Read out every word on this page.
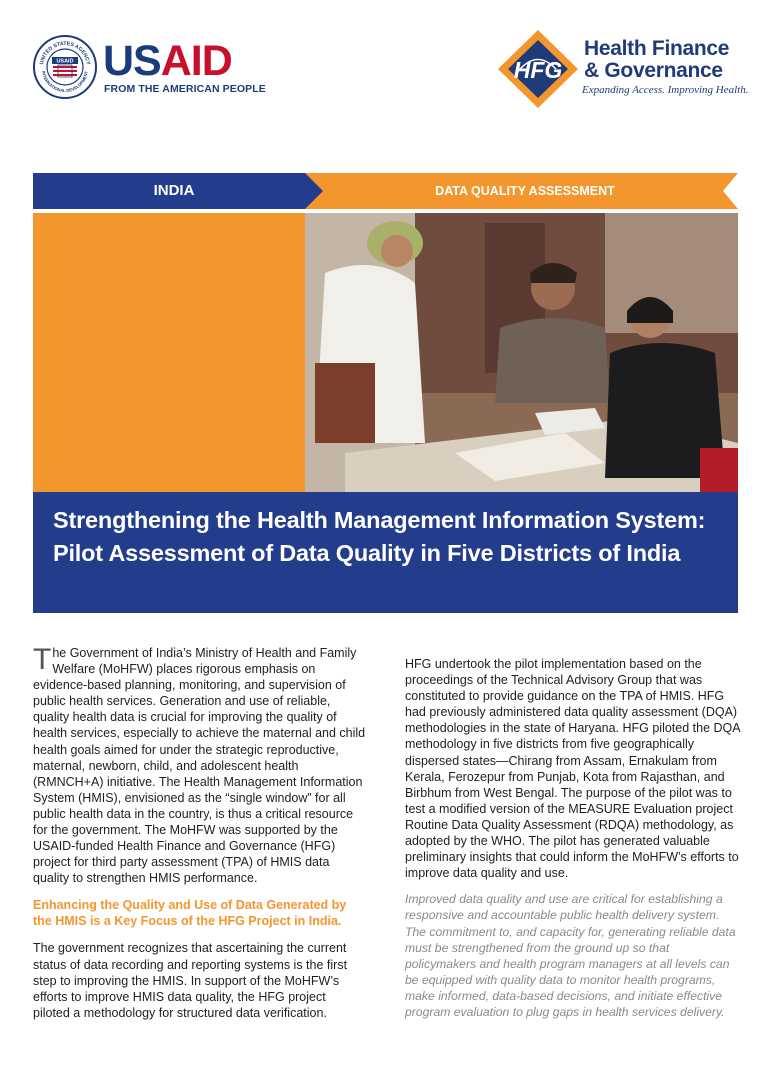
UNITED STATES AGENCY
INTERNATIONAL DEVELOPMENT
USAID USAID
FROM THE AMERICAN PEOPLE
HFG
Health Finance
& Governance
Expanding Access. Improving Health.
INDIA	DATA QUALITY ASSESSMENT
Strengthening the Health Management Information System: Pilot Assessment of Data Quality in Five Districts of India

The Government of India’s Ministry of Health and Family Welfare (MoHFW) places rigorous emphasis on evidence-based planning, monitoring, and supervision of public health services. Generation and use of reliable, quality health data is crucial for improving the quality of health services, especially to achieve the maternal and child health goals aimed for under the strategic reproductive, maternal, newborn, child, and adolescent health (RMNCH+A) initiative. The Health Management Information System (HMIS), envisioned as the “single window” for all public health data in the country, is thus a critical resource for the government. The MoHFW was supported by the USAID-funded Health Finance and Governance (HFG) project for third party assessment (TPA) of HMIS data quality to strengthen HMIS performance.

Enhancing the Quality and Use of Data Generated by the HMIS is a Key Focus of the HFG Project in India.

The government recognizes that ascertaining the current status of data recording and reporting systems is the first step to improving the HMIS. In support of the MoHFW’s efforts to improve HMIS data quality, the HFG project piloted a methodology for structured data verification.

HFG undertook the pilot implementation based on the proceedings of the Technical Advisory Group that was constituted to provide guidance on the TPA of HMIS. HFG had previously administered data quality assessment (DQA) methodologies in the state of Haryana. HFG piloted the DQA methodology in five districts from five geographically dispersed states—Chirang from Assam, Ernakulam from Kerala, Ferozepur from Punjab, Kota from Rajasthan, and Birbhum from West Bengal. The purpose of the pilot was to test a modified version of the MEASURE Evaluation project Routine Data Quality Assessment (RDQA) methodology, as adopted by the WHO. The pilot has generated valuable preliminary insights that could inform the MoHFW’s efforts to improve data quality and use.

Improved data quality and use are critical for establishing a responsive and accountable public health delivery system. The commitment to, and capacity for, generating reliable data must be strengthened from the ground up so that policymakers and health program managers at all levels can be equipped with quality data to monitor health programs, make informed, data-based decisions, and initiate effective program evaluation to plug gaps in health services delivery.
